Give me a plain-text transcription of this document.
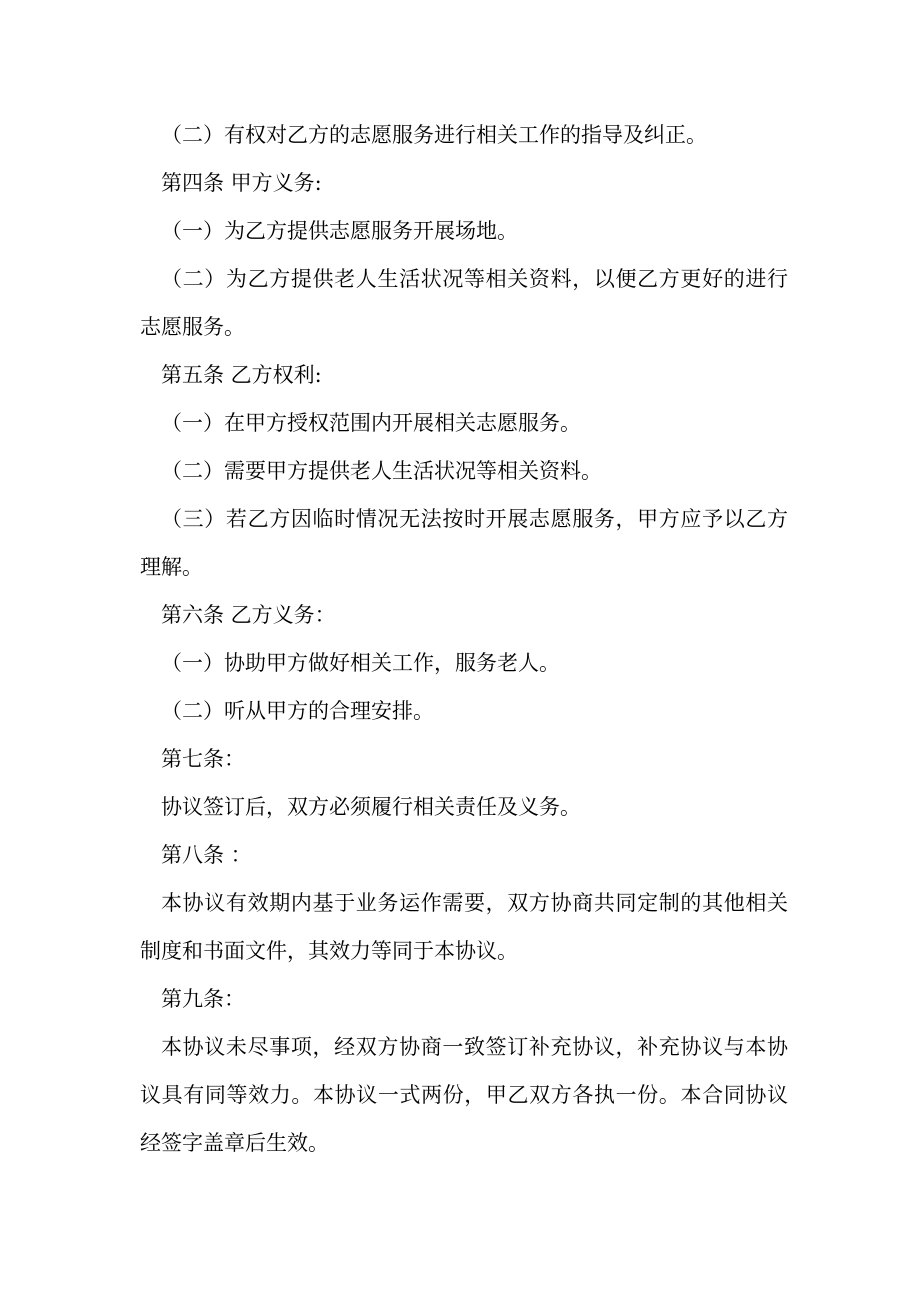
（二）有权对乙方的志愿服务进行相关工作的指导及纠正。

第四条 甲方义务:

（一）为乙方提供志愿服务开展场地。

（二）为乙方提供老人生活状况等相关资料，以便乙方更好的进行志愿服务。

第五条 乙方权利:

（一）在甲方授权范围内开展相关志愿服务。

（二）需要甲方提供老人生活状况等相关资料。

（三）若乙方因临时情况无法按时开展志愿服务，甲方应予以乙方理解。

第六条 乙方义务：

（一）协助甲方做好相关工作，服务老人。

（二）听从甲方的合理安排。

第七条：

协议签订后，双方必须履行相关责任及义务。

第八条 ：

本协议有效期内基于业务运作需要，双方协商共同定制的其他相关制度和书面文件，其效力等同于本协议。

第九条：

本协议未尽事项，经双方协商一致签订补充协议，补充协议与本协议具有同等效力。本协议一式两份，甲乙双方各执一份。本合同协议经签字盖章后生效。
